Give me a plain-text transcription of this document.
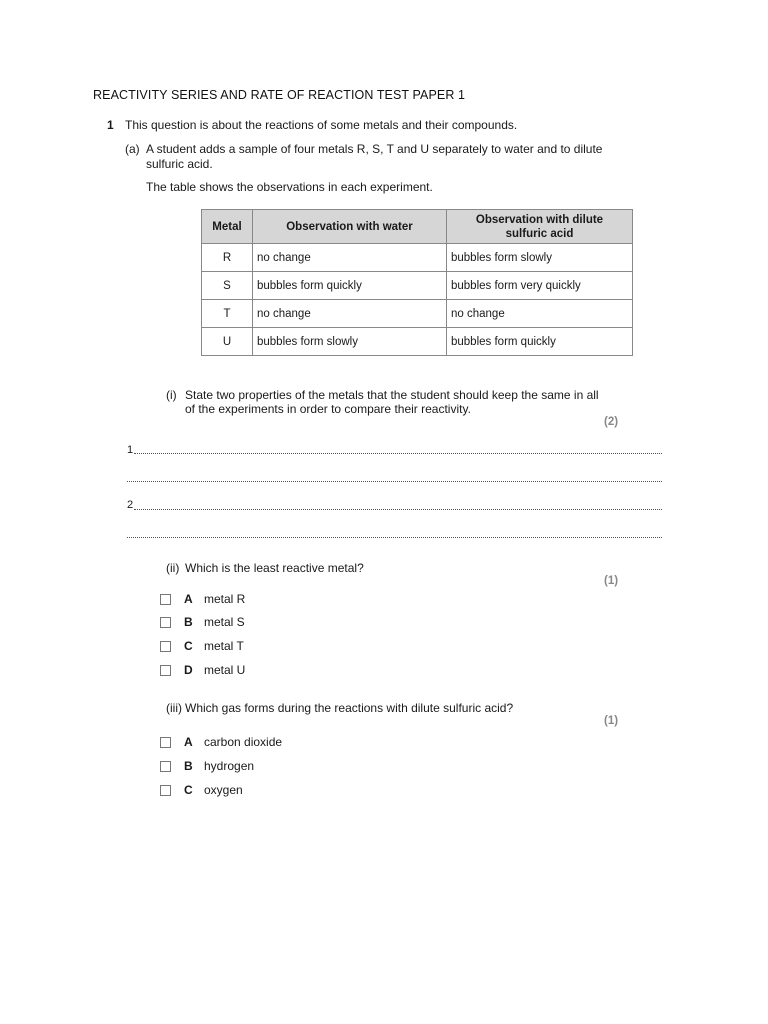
REACTIVITY SERIES AND RATE OF REACTION TEST PAPER 1
1 This question is about the reactions of some metals and their compounds.
(a) A student adds a sample of four metals R, S, T and U separately to water and to dilute sulfuric acid.
The table shows the observations in each experiment.
Metal	Observation with water	Observation with dilute sulfuric acid
R	no change	bubbles form slowly
S	bubbles form quickly	bubbles form very quickly
T	no change	no change
U	bubbles form slowly	bubbles form quickly
(i) State two properties of the metals that the student should keep the same in all of the experiments in order to compare their reactivity.
(2)
1
2
(ii) Which is the least reactive metal?
(1)
A metal R
B metal S
C metal T
D metal U
(iii) Which gas forms during the reactions with dilute sulfuric acid?
(1)
A carbon dioxide
B hydrogen
C oxygen
